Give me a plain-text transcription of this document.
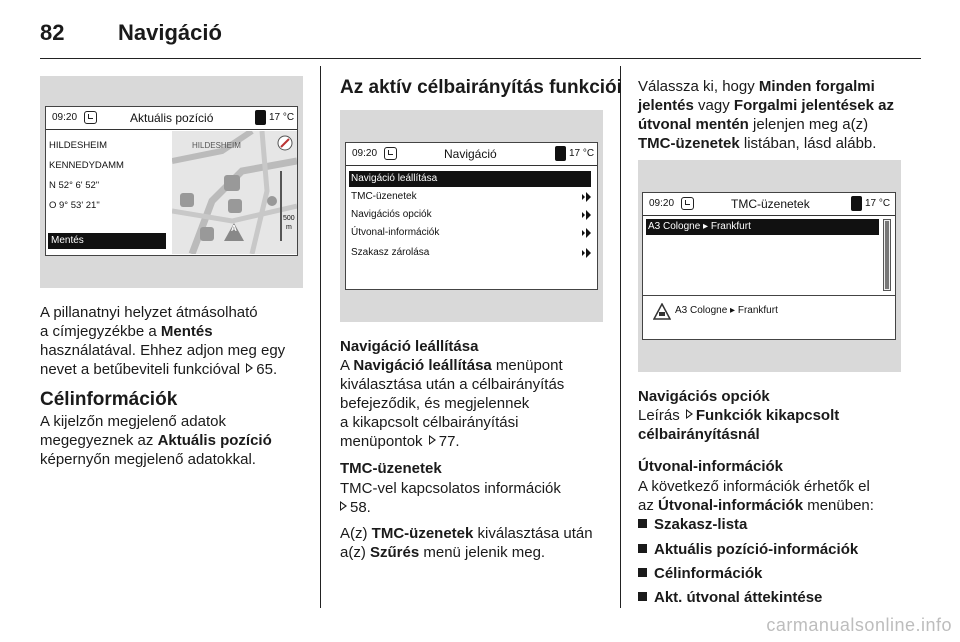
82 Navigáció
09:20	Aktuális pozíció	17 °C
HILDESHEIM
KENNEDYDAMM
N 52° 6' 52"
O 9° 53' 21"
Mentés
HILDESHEIM
A
500
m
A pillanatnyi helyzet átmásolható
a címjegyzékbe a Mentés
használatával. Ehhez adjon meg egy
nevet a betűbeviteli funkcióval 65.
Célinformációk
A kijelzőn megjelenő adatok
megegyeznek az Aktuális pozíció
képernyőn megjelenő adatokkal.
Az aktív célbairányítás funkciói
09:20	Navigáció	17 °C
Navigáció leállítása
TMC-üzenetek
Navigációs opciók
Útvonal-információk
Szakasz zárolása
Navigáció leállítása
A Navigáció leállítása menüpont
kiválasztása után a célbairányítás
befejeződik, és megjelennek
a kikapcsolt célbairányítási
menüpontok 77.
TMC-üzenetek
TMC-vel kapcsolatos információk
58.
A(z) TMC-üzenetek kiválasztása után
a(z) Szűrés menü jelenik meg.
Válassza ki, hogy Minden forgalmi
jelentés vagy Forgalmi jelentések az
útvonal mentén jelenjen meg a(z)
TMC-üzenetek listában, lásd alább.
09:20	TMC-üzenetek	17 °C
A3 Cologne ▸ Frankfurt
A3 Cologne ▸ Frankfurt
Navigációs opciók
Leírás Funkciók kikapcsolt
célbairányításnál
Útvonal-információk
A következő információk érhetők el
az Útvonal-információk menüben:
Szakasz-lista
Aktuális pozíció-információk
Célinformációk
Akt. útvonal áttekintése
carmanualsonline.info
